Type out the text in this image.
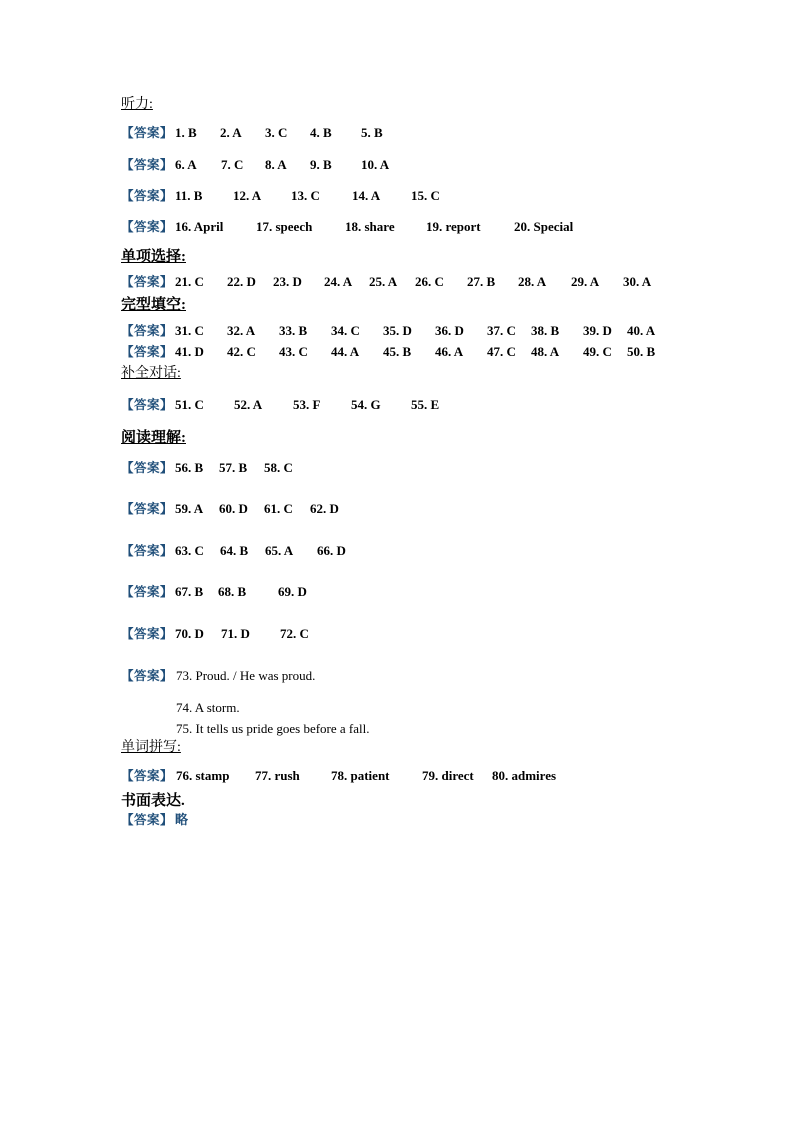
听力:
【答案】 1. B 2. A 3. C 4. B 5. B
【答案】 6. A 7. C 8. A 9. B 10. A
【答案】 11. B 12. A 13. C 14. A 15. C
【答案】 16. April	17. speech	18. share 19. report	20. Special
单项选择:
【答案】 21. C 22. D 23. D 24. A 25. A 26. C 27. B 28. A 29. A 30. A
完型填空:
【答案】 31. C 32. A 33. B 34. C 35. D 36. D 37. C 38. B 39. D 40. A
【答案】 41. D 42. C 43. C 44. A 45. B 46. A 47. C 48. A 49. C 50. B
补全对话:
【答案】 51. C 52. A 53. F 54. G 55. E
阅读理解:
【答案】 56. B 57. B 58. C
【答案】 59. A 60. D 61. C 62. D
【答案】 63. C 64. B 65. A 66. D
【答案】 67. B 68. B 69. D
【答案】 70. D 71. D 72. C
【答案】 73. Proud. / He was proud.
74. A storm.
75. It tells us pride goes before a fall.
单词拼写:
【答案】 76. stamp 77. rush 78. patient	79. direct 80. admires
书面表达.
【答案】 略
